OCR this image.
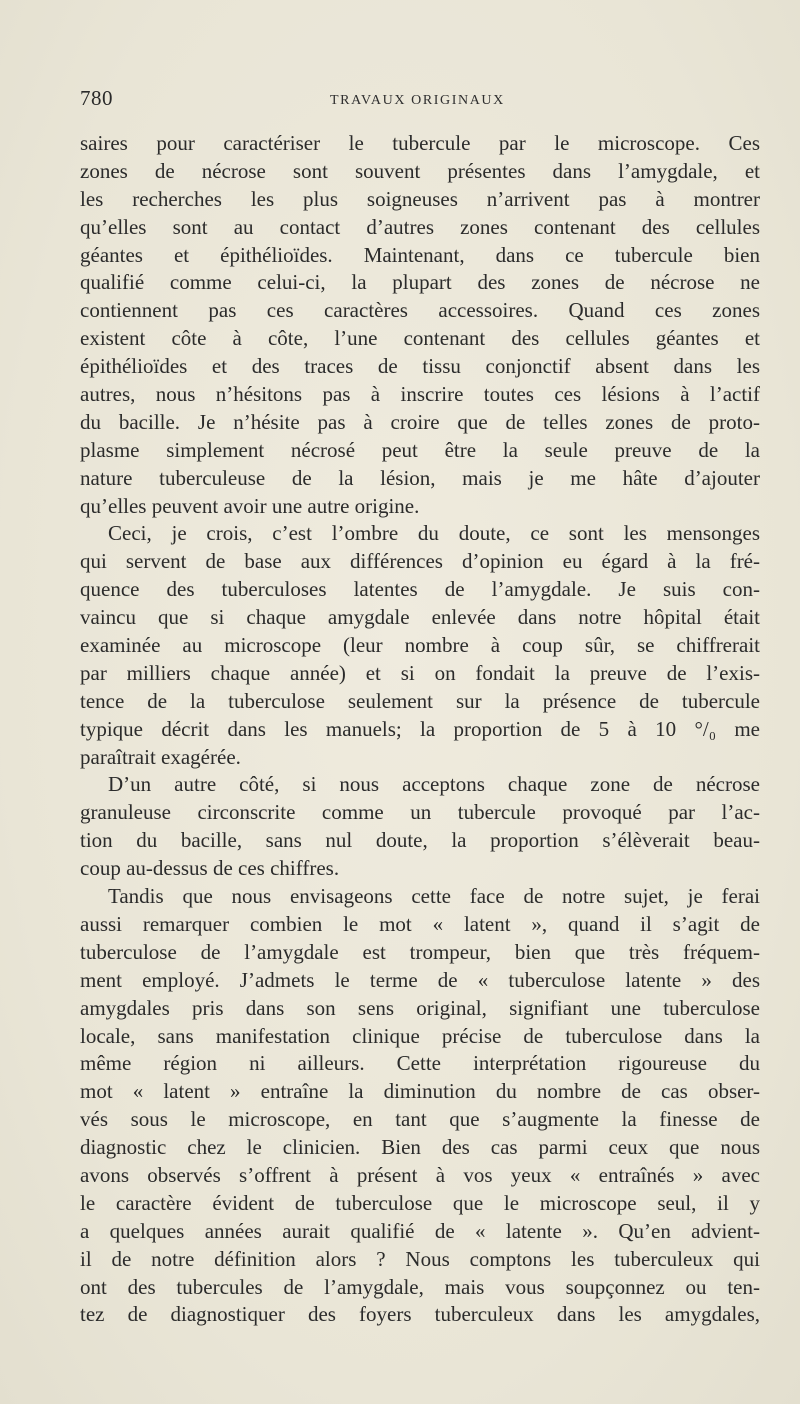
780	TRAVAUX ORIGINAUX
saires pour caractériser le tubercule par le microscope. Ces
zones de nécrose sont souvent présentes dans l’amygdale, et
les recherches les plus soigneuses n’arrivent pas à montrer
qu’elles sont au contact d’autres zones contenant des cellules
géantes et épithélioïdes. Maintenant, dans ce tubercule bien
qualifié comme celui-ci, la plupart des zones de nécrose ne
contiennent pas ces caractères accessoires. Quand ces zones
existent côte à côte, l’une contenant des cellules géantes et
épithélioïdes et des traces de tissu conjonctif absent dans les
autres, nous n’hésitons pas à inscrire toutes ces lésions à l’actif
du bacille. Je n’hésite pas à croire que de telles zones de proto-
plasme simplement nécrosé peut être la seule preuve de la
nature tuberculeuse de la lésion, mais je me hâte d’ajouter
qu’elles peuvent avoir une autre origine.
Ceci, je crois, c’est l’ombre du doute, ce sont les mensonges
qui servent de base aux différences d’opinion eu égard à la fré-
quence des tuberculoses latentes de l’amygdale. Je suis con-
vaincu que si chaque amygdale enlevée dans notre hôpital était
examinée au microscope (leur nombre à coup sûr, se chiffrerait
par milliers chaque année) et si on fondait la preuve de l’exis-
tence de la tuberculose seulement sur la présence de tubercule
typique décrit dans les manuels; la proportion de 5 à 10 °/₀ me
paraîtrait exagérée.
D’un autre côté, si nous acceptons chaque zone de nécrose
granuleuse circonscrite comme un tubercule provoqué par l’ac-
tion du bacille, sans nul doute, la proportion s’élèverait beau-
coup au-dessus de ces chiffres.
Tandis que nous envisageons cette face de notre sujet, je ferai
aussi remarquer combien le mot « latent », quand il s’agit de
tuberculose de l’amygdale est trompeur, bien que très fréquem-
ment employé. J’admets le terme de « tuberculose latente » des
amygdales pris dans son sens original, signifiant une tuberculose
locale, sans manifestation clinique précise de tuberculose dans la
même région ni ailleurs. Cette interprétation rigoureuse du
mot « latent » entraîne la diminution du nombre de cas obser-
vés sous le microscope, en tant que s’augmente la finesse de
diagnostic chez le clinicien. Bien des cas parmi ceux que nous
avons observés s’offrent à présent à vos yeux « entraînés » avec
le caractère évident de tuberculose que le microscope seul, il y
a quelques années aurait qualifié de « latente ». Qu’en advient-
il de notre définition alors ? Nous comptons les tuberculeux qui
ont des tubercules de l’amygdale, mais vous soupçonnez ou ten-
tez de diagnostiquer des foyers tuberculeux dans les amygdales,
